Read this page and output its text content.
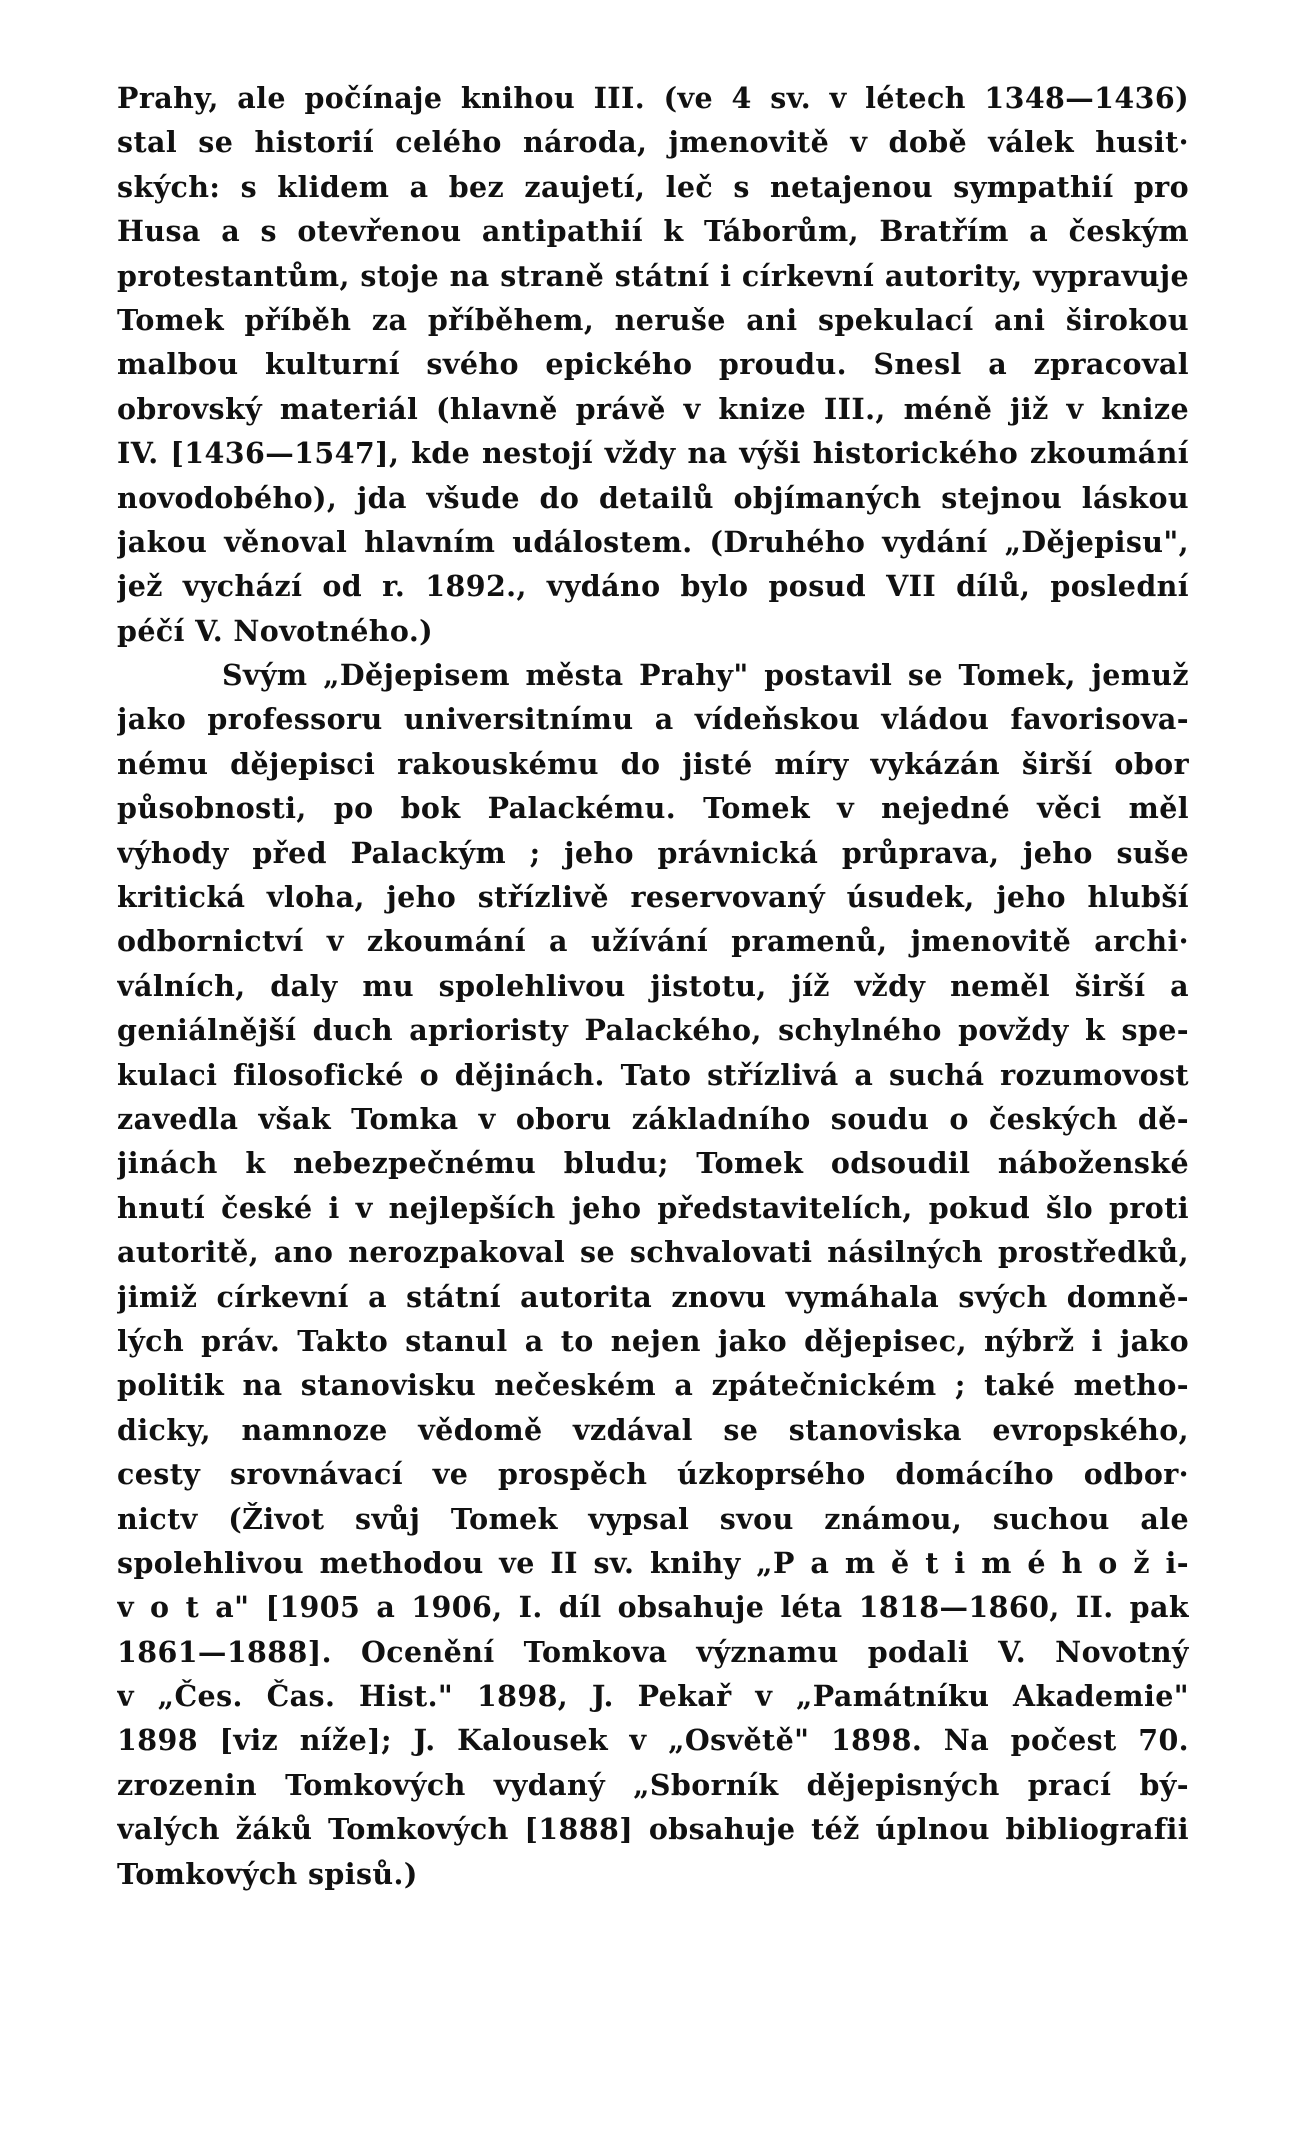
Prahy, ale počínaje knihou III. (ve 4 sv. v létech 1348—1436)
stal se historií celého národa, jmenovitě v době válek husit·
ských: s klidem a bez zaujetí, leč s netajenou sympathií pro
Husa a s otevřenou antipathií k Táborům, Bratřím a českým
protestantům, stoje na straně státní i církevní autority, vypravuje
Tomek příběh za příběhem, neruše ani spekulací ani širokou
malbou kulturní svého epického proudu. Snesl a zpracoval
obrovský materiál (hlavně právě v knize III., méně již v knize
IV. [1436—1547], kde nestojí vždy na výši historického zkoumání
novodobého), jda všude do detailů objímaných stejnou láskou
jakou věnoval hlavním událostem. (Druhého vydání „Dějepisu",
jež vychází od r. 1892., vydáno bylo posud VII dílů, poslední
péčí V. Novotného.)
Svým „Dějepisem města Prahy" postavil se Tomek, jemuž
jako professoru universitnímu a vídeňskou vládou favorisova-
nému dějepisci rakouskému do jisté míry vykázán širší obor
působnosti, po bok Palackému. Tomek v nejedné věci měl
výhody před Palackým ; jeho právnická průprava, jeho suše
kritická vloha, jeho střízlivě reservovaný úsudek, jeho hlubší
odbornictví v zkoumání a užívání pramenů, jmenovitě archi·
válních, daly mu spolehlivou jistotu, jíž vždy neměl širší a
geniálnější duch aprioristy Palackého, schylného povždy k spe-
kulaci filosofické o dějinách. Tato střízlivá a suchá rozumovost
zavedla však Tomka v oboru základního soudu o českých dě-
jinách k nebezpečnému bludu; Tomek odsoudil náboženské
hnutí české i v nejlepších jeho představitelích, pokud šlo proti
autoritě, ano nerozpakoval se schvalovati násilných prostředků,
jimiž církevní a státní autorita znovu vymáhala svých domně-
lých práv. Takto stanul a to nejen jako dějepisec, nýbrž i jako
politik na stanovisku nečeském a zpátečnickém ; také metho-
dicky, namnoze vědomě vzdával se stanoviska evropského,
cesty srovnávací ve prospěch úzkoprsého domácího odbor·
nictv (Život svůj Tomek vypsal svou známou, suchou ale
spolehlivou methodou ve II sv. knihy „P a m ě t i m é h o ž i-
v o t a" [1905 a 1906, I. díl obsahuje léta 1818—1860, II. pak
1861—1888]. Ocenění Tomkova významu podali V. Novotný
v „Čes. Čas. Hist." 1898, J. Pekař v „Památníku Akademie"
1898 [viz níže]; J. Kalousek v „Osvětě" 1898. Na počest 70.
zrozenin Tomkových vydaný „Sborník dějepisných prací bý-
valých žáků Tomkových [1888] obsahuje též úplnou bibliografii
Tomkových spisů.)
